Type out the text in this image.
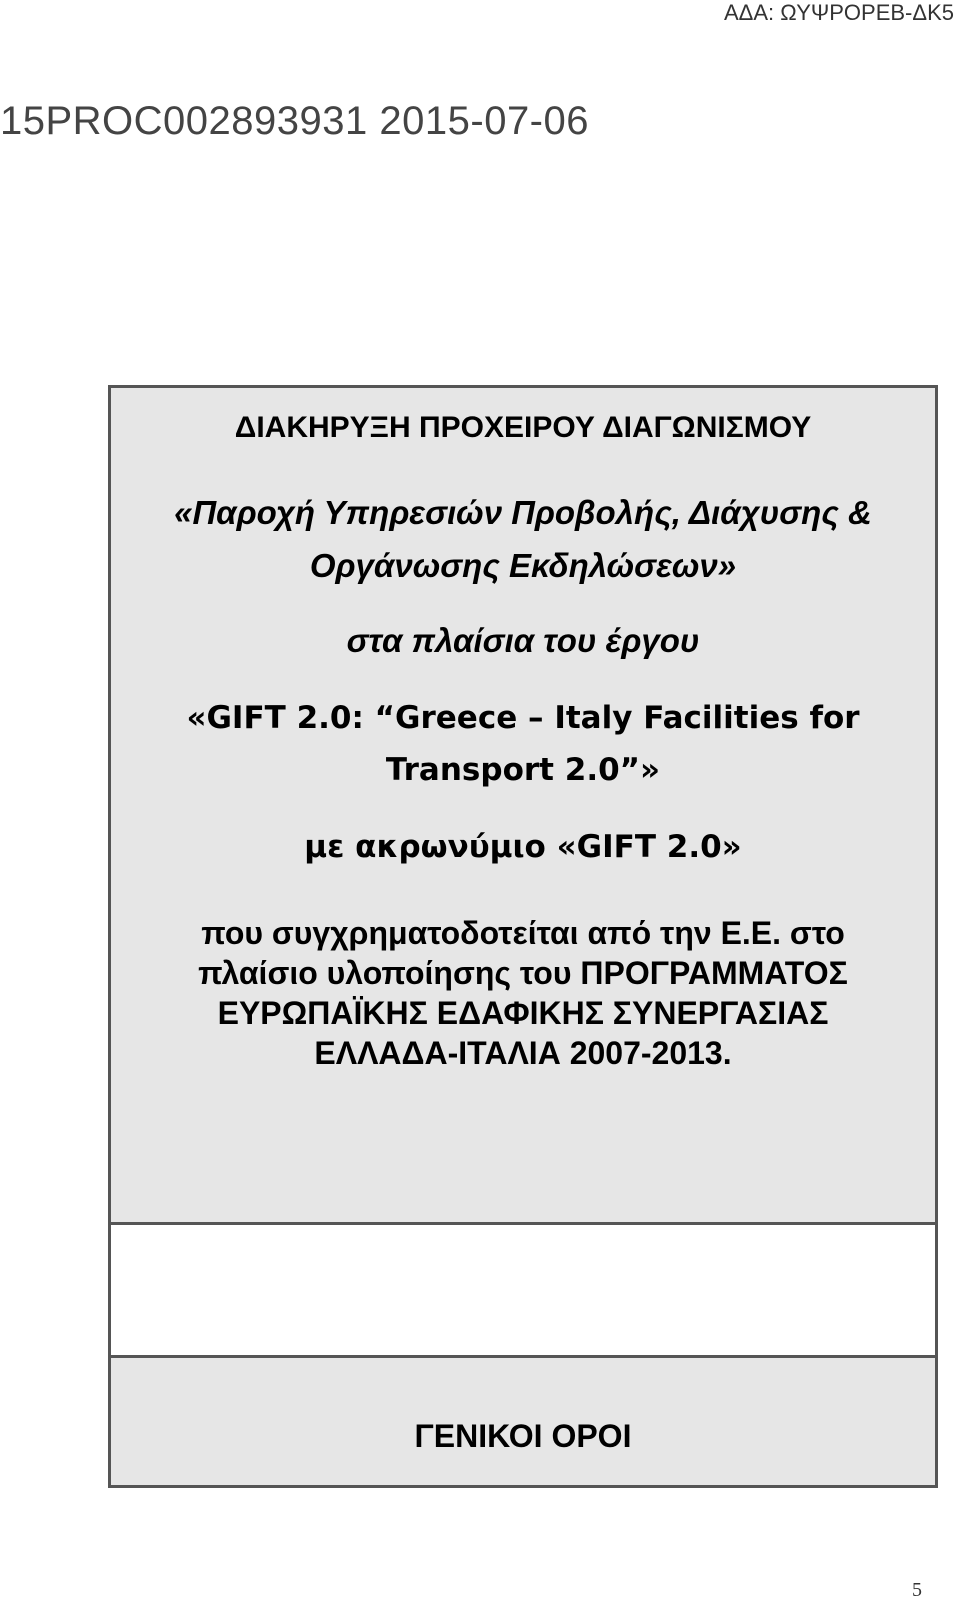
ΑΔΑ: ΩΥΨΡΟΡΕΒ-ΔΚ5
15PROC002893931 2015-07-06
ΔΙΑΚΗΡΥΞΗ ΠΡΟΧΕΙΡΟΥ ΔΙΑΓΩΝΙΣΜΟΥ
«Παροχή Υπηρεσιών Προβολής, Διάχυσης &
Οργάνωσης Εκδηλώσεων»
στα πλαίσια του έργου
«GIFT 2.0: “Greece – Italy Facilities for
Transport 2.0”»
με ακρωνύμιο «GIFT 2.0»
που συγχρηματοδοτείται από την Ε.Ε. στο
πλαίσιο υλοποίησης του ΠΡΟΓΡΑΜΜΑΤΟΣ
ΕΥΡΩΠΑΪΚΗΣ ΕΔΑΦΙΚΗΣ ΣΥΝΕΡΓΑΣΙΑΣ
ΕΛΛΑΔΑ-ΙΤΑΛΙΑ 2007-2013.
ΓΕΝΙΚΟΙ ΟΡΟΙ
5
